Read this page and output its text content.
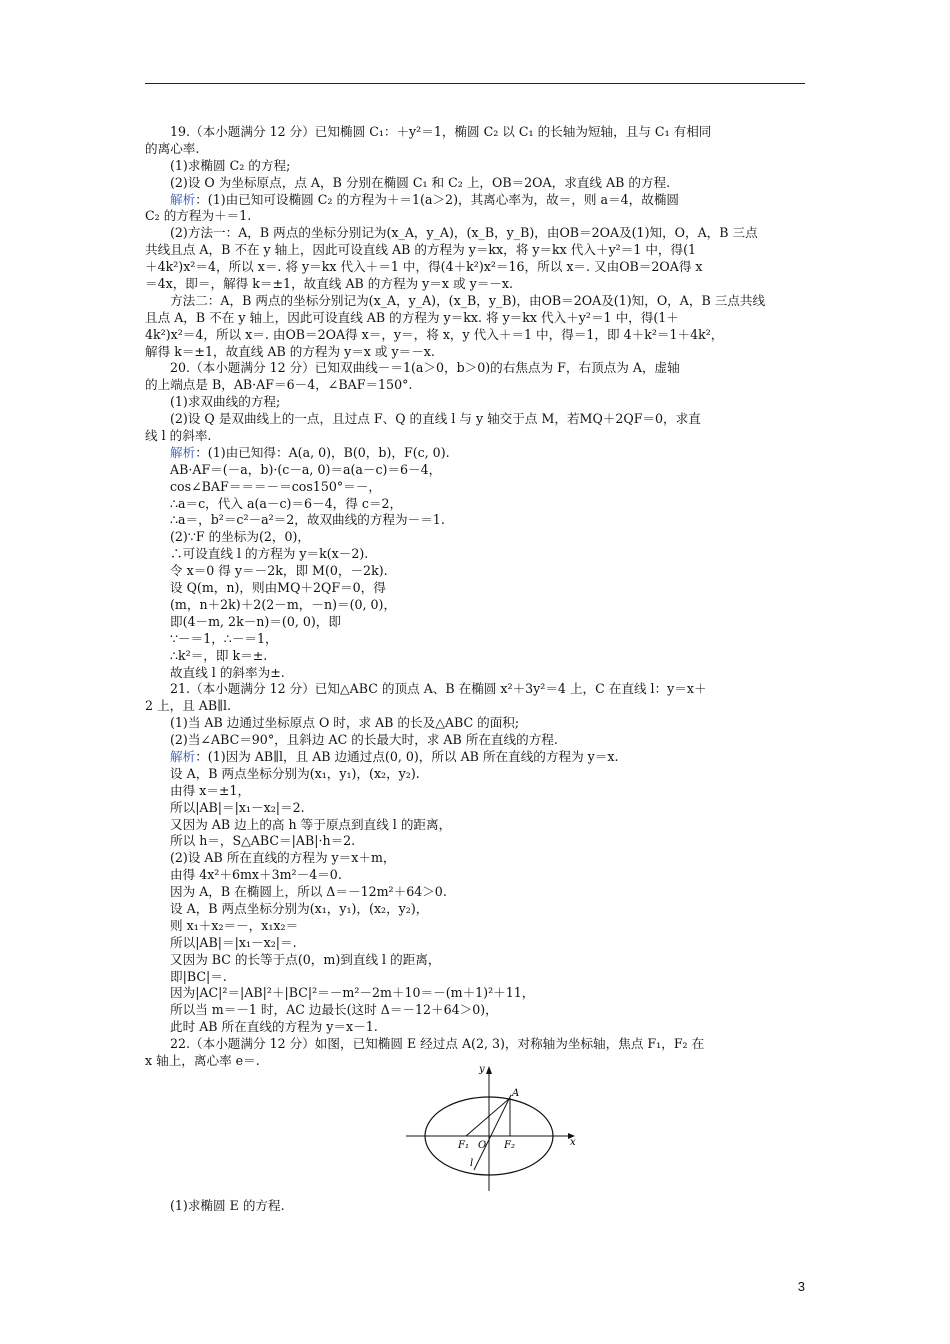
19.（本小题满分 12 分）已知椭圆 C₁：＋y²＝1，椭圆 C₂ 以 C₁ 的长轴为短轴，且与 C₁ 有相同
的离心率.
(1)求椭圆 C₂ 的方程;
(2)设 O 为坐标原点，点 A，B 分别在椭圆 C₁ 和 C₂ 上，OB＝2OA，求直线 AB 的方程.
解析：(1)由已知可设椭圆 C₂ 的方程为＋＝1(a＞2)，其离心率为，故＝，则 a＝4，故椭圆
C₂ 的方程为＋＝1.
(2)方法一：A，B 两点的坐标分别记为(x_A，y_A)，(x_B，y_B)，由OB＝2OA及(1)知，O，A，B 三点
共线且点 A，B 不在 y 轴上，因此可设直线 AB 的方程为 y＝kx，将 y＝kx 代入＋y²＝1 中，得(1
＋4k²)x²＝4，所以 x＝. 将 y＝kx 代入＋＝1 中，得(4＋k²)x²＝16，所以 x＝. 又由OB＝2OA得 x
＝4x，即＝，解得 k＝±1，故直线 AB 的方程为 y＝x 或 y＝－x.
方法二：A，B 两点的坐标分别记为(x_A，y_A)，(x_B，y_B)，由OB＝2OA及(1)知，O，A，B 三点共线
且点 A，B 不在 y 轴上，因此可设直线 AB 的方程为 y＝kx. 将 y＝kx 代入＋y²＝1 中，得(1＋
4k²)x²＝4，所以 x＝. 由OB＝2OA得 x＝，y＝，将 x，y 代入＋＝1 中，得＝1，即 4＋k²＝1＋4k²，
解得 k＝±1，故直线 AB 的方程为 y＝x 或 y＝－x.
20.（本小题满分 12 分）已知双曲线－＝1(a＞0，b＞0)的右焦点为 F，右顶点为 A，虚轴
的上端点是 B，AB·AF＝6－4，∠BAF＝150°.
(1)求双曲线的方程;
(2)设 Q 是双曲线上的一点，且过点 F、Q 的直线 l 与 y 轴交于点 M，若MQ＋2QF＝0，求直
线 l 的斜率.
解析：(1)由已知得：A(a, 0)，B(0，b)，F(c, 0).
AB·AF＝(－a，b)·(c－a, 0)＝a(a－c)＝6－4，
cos∠BAF＝＝＝－＝cos150°＝－，
∴a＝c，代入 a(a－c)＝6－4，得 c＝2，
∴a＝，b²＝c²－a²＝2，故双曲线的方程为－＝1.
(2)∵F 的坐标为(2，0)，
∴可设直线 l 的方程为 y＝k(x－2).
令 x＝0 得 y＝－2k，即 M(0，－2k).
设 Q(m，n)，则由MQ＋2QF＝0，得
(m，n＋2k)＋2(2－m，－n)＝(0, 0)，
即(4－m, 2k－n)＝(0, 0)，即
∵－＝1，∴－＝1，
∴k²＝，即 k＝±.
故直线 l 的斜率为±.
21.（本小题满分 12 分）已知△ABC 的顶点 A、B 在椭圆 x²＋3y²＝4 上，C 在直线 l：y＝x＋
2 上，且 AB∥l.
(1)当 AB 边通过坐标原点 O 时，求 AB 的长及△ABC 的面积;
(2)当∠ABC＝90°，且斜边 AC 的长最大时，求 AB 所在直线的方程.
解析：(1)因为 AB∥l，且 AB 边通过点(0, 0)，所以 AB 所在直线的方程为 y＝x.
设 A，B 两点坐标分别为(x₁，y₁)，(x₂，y₂).
由得 x＝±1，
所以|AB|＝|x₁－x₂|＝2.
又因为 AB 边上的高 h 等于原点到直线 l 的距离，
所以 h＝，S△ABC＝|AB|·h＝2.
(2)设 AB 所在直线的方程为 y＝x＋m，
由得 4x²＋6mx＋3m²－4＝0.
因为 A，B 在椭圆上，所以 Δ＝－12m²＋64＞0.
设 A，B 两点坐标分别为(x₁，y₁)，(x₂，y₂)，
则 x₁＋x₂＝－，x₁x₂＝
所以|AB|＝|x₁－x₂|＝.
又因为 BC 的长等于点(0，m)到直线 l 的距离，
即|BC|＝.
因为|AC|²＝|AB|²＋|BC|²＝－m²－2m＋10＝－(m＋1)²＋11，
所以当 m＝－1 时，AC 边最长(这时 Δ＝－12＋64＞0)，
此时 AB 所在直线的方程为 y＝x－1.
22.（本小题满分 12 分）如图，已知椭圆 E 经过点 A(2, 3)，对称轴为坐标轴，焦点 F₁，F₂ 在
x 轴上，离心率 e＝.
y
x
A
F₁ O F₂
l
(1)求椭圆 E 的方程.
3
